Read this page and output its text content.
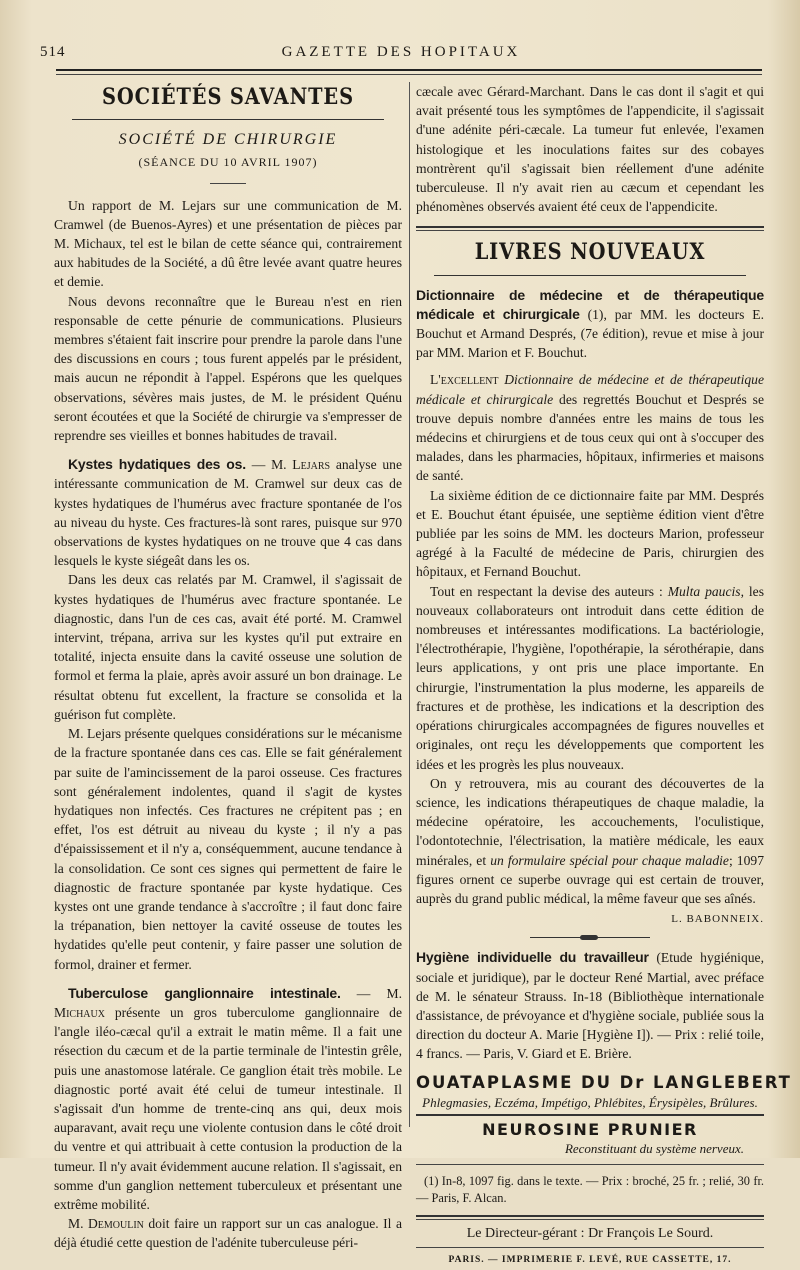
514	GAZETTE DES HOPITAUX
SOCIÉTÉS SAVANTES
SOCIÉTÉ DE CHIRURGIE
(SÉANCE DU 10 AVRIL 1907)

Un rapport de M. Lejars sur une communication de M. Cramwel (de Buenos-Ayres) et une présentation de pièces par M. Michaux, tel est le bilan de cette séance qui, contrairement aux habitudes de la Société, a dû être levée avant quatre heures et demie.

Nous devons reconnaître que le Bureau n'est en rien responsable de cette pénurie de communications. Plusieurs membres s'étaient fait inscrire pour prendre la parole dans l'une des discussions en cours ; tous furent appelés par le président, mais aucun ne répondit à l'appel. Espérons que les quelques observations, sévères mais justes, de M. le président Quénu seront écoutées et que la Société de chirurgie va s'empresser de reprendre ses vieilles et bonnes habitudes de travail.

Kystes hydatiques des os. — M. Lejars analyse une intéressante communication de M. Cramwel sur deux cas de kystes hydatiques de l'humérus avec fracture spontanée de l'os au niveau du hyste. Ces fractures-là sont rares, puisque sur 970 observations de kystes hydatiques on ne trouve que 4 cas dans lesquels le kyste siégeât dans les os.

Dans les deux cas relatés par M. Cramwel, il s'agissait de kystes hydatiques de l'humérus avec fracture spontanée. Le diagnostic, dans l'un de ces cas, avait été porté. M. Cramwel intervint, trépana, arriva sur les kystes qu'il put extraire en totalité, injecta ensuite dans la cavité osseuse une solution de formol et ferma la plaie, après avoir assuré un bon drainage. Le résultat obtenu fut excellent, la fracture se consolida et la guérison fut complète.

M. Lejars présente quelques considérations sur le mécanisme de la fracture spontanée dans ces cas. Elle se fait généralement par suite de l'amincissement de la paroi osseuse. Ces fractures sont généralement indolentes, quand il s'agit de kystes hydatiques non infectés. Ces fractures ne crépitent pas ; en effet, l'os est détruit au niveau du kyste ; il n'y a pas d'épaississement et il n'y a, conséquemment, aucune tendance à la consolidation. Ce sont ces signes qui permettent de faire le diagnostic de fracture spontanée par kyste hydatique. Ces kystes ont une grande tendance à s'accroître ; il faut donc faire la trépanation, bien nettoyer la cavité osseuse de toutes les hydatides qu'elle peut contenir, y faire passer une solution de formol, drainer et fermer.

Tuberculose ganglionnaire intestinale. — M. Michaux présente un gros tuberculome ganglionnaire de l'angle iléo-cæcal qu'il a extrait le matin même. Il a fait une résection du cæcum et de la partie terminale de l'intestin grêle, puis une anastomose latérale. Ce ganglion était très mobile. Le diagnostic porté avait été celui de tumeur intestinale. Il s'agissait d'un homme de trente-cinq ans qui, deux mois auparavant, avait reçu une violente contusion dans le côté droit du ventre et qui attribuait à cette contusion la production de la tumeur. Il n'y avait évidemment aucune relation. Il s'agissait, en somme d'un ganglion nettement tuberculeux et présentant une extrême mobilité.

M. Demoulin doit faire un rapport sur un cas analogue. Il a déjà étudié cette question de l'adénite tuberculeuse péri-

cæcale avec Gérard-Marchant. Dans le cas dont il s'agit et qui avait présenté tous les symptômes de l'appendicite, il s'agissait d'une adénite péri-cæcale. La tumeur fut enlevée, l'examen histologique et les inoculations faites sur des cobayes montrèrent qu'il s'agissait bien réellement d'une adénite tuberculeuse. Il n'y avait rien au cæcum et cependant les phénomènes observés avaient été ceux de l'appendicite.

LIVRES NOUVEAUX

Dictionnaire de médecine et de thérapeutique médicale et chirurgicale (1), par MM. les docteurs E. Bouchut et Armand Després, (7e édition), revue et mise à jour par MM. Marion et F. Bouchut.

L'excellent Dictionnaire de médecine et de thérapeutique médicale et chirurgicale des regrettés Bouchut et Després se trouve depuis nombre d'années entre les mains de tous les médecins et chirurgiens et de tous ceux qui ont à s'occuper des malades, dans les pharmacies, hôpitaux, infirmeries et maisons de santé.

La sixième édition de ce dictionnaire faite par MM. Després et E. Bouchut étant épuisée, une septième édition vient d'être publiée par les soins de MM. les docteurs Marion, professeur agrégé à la Faculté de médecine de Paris, chirurgien des hôpitaux, et Fernand Bouchut.

Tout en respectant la devise des auteurs : Multa paucis, les nouveaux collaborateurs ont introduit dans cette édition de nombreuses et intéressantes modifications. La bactériologie, l'électrothérapie, l'hygiène, l'opothérapie, la sérothérapie, dans leurs applications, y ont pris une place importante. En chirurgie, l'instrumentation la plus moderne, les appareils de fractures et de prothèse, les indications et la description des opérations chirurgicales accompagnées de figures nouvelles et originales, ont reçu les développements que comportent les idées et les progrès les plus nouveaux.

On y retrouvera, mis au courant des découvertes de la science, les indications thérapeutiques de chaque maladie, la médecine opératoire, les accouchements, l'oculistique, l'odontotechnie, l'électrisation, la matière médicale, les eaux minérales, et un formulaire spécial pour chaque maladie; 1097 figures ornent ce superbe ouvrage qui est certain de trouver, auprès du grand public médical, la même faveur que ses aînés.

L. BABONNEIX.

Hygiène individuelle du travailleur (Etude hygiénique, sociale et juridique), par le docteur René Martial, avec préface de M. le sénateur Strauss. In-18 (Bibliothèque internationale d'assistance, de prévoyance et d'hygiène sociale, publiée sous la direction du docteur A. Marie [Hygiène I]). — Prix : relié toile, 4 francs. — Paris, V. Giard et E. Brière.

OUATAPLASME DU Dr LANGLEBERT
Phlegmasies, Eczéma, Impétigo, Phlébites, Érysipèles, Brûlures.
NEUROSINE PRUNIER
Reconstituant du système nerveux.

(1) In-8, 1097 fig. dans le texte. — Prix : broché, 25 fr. ; relié, 30 fr. — Paris, F. Alcan.

Le Directeur-gérant : Dr François Le Sourd.
PARIS. — IMPRIMERIE F. LEVÉ, RUE CASSETTE, 17.
